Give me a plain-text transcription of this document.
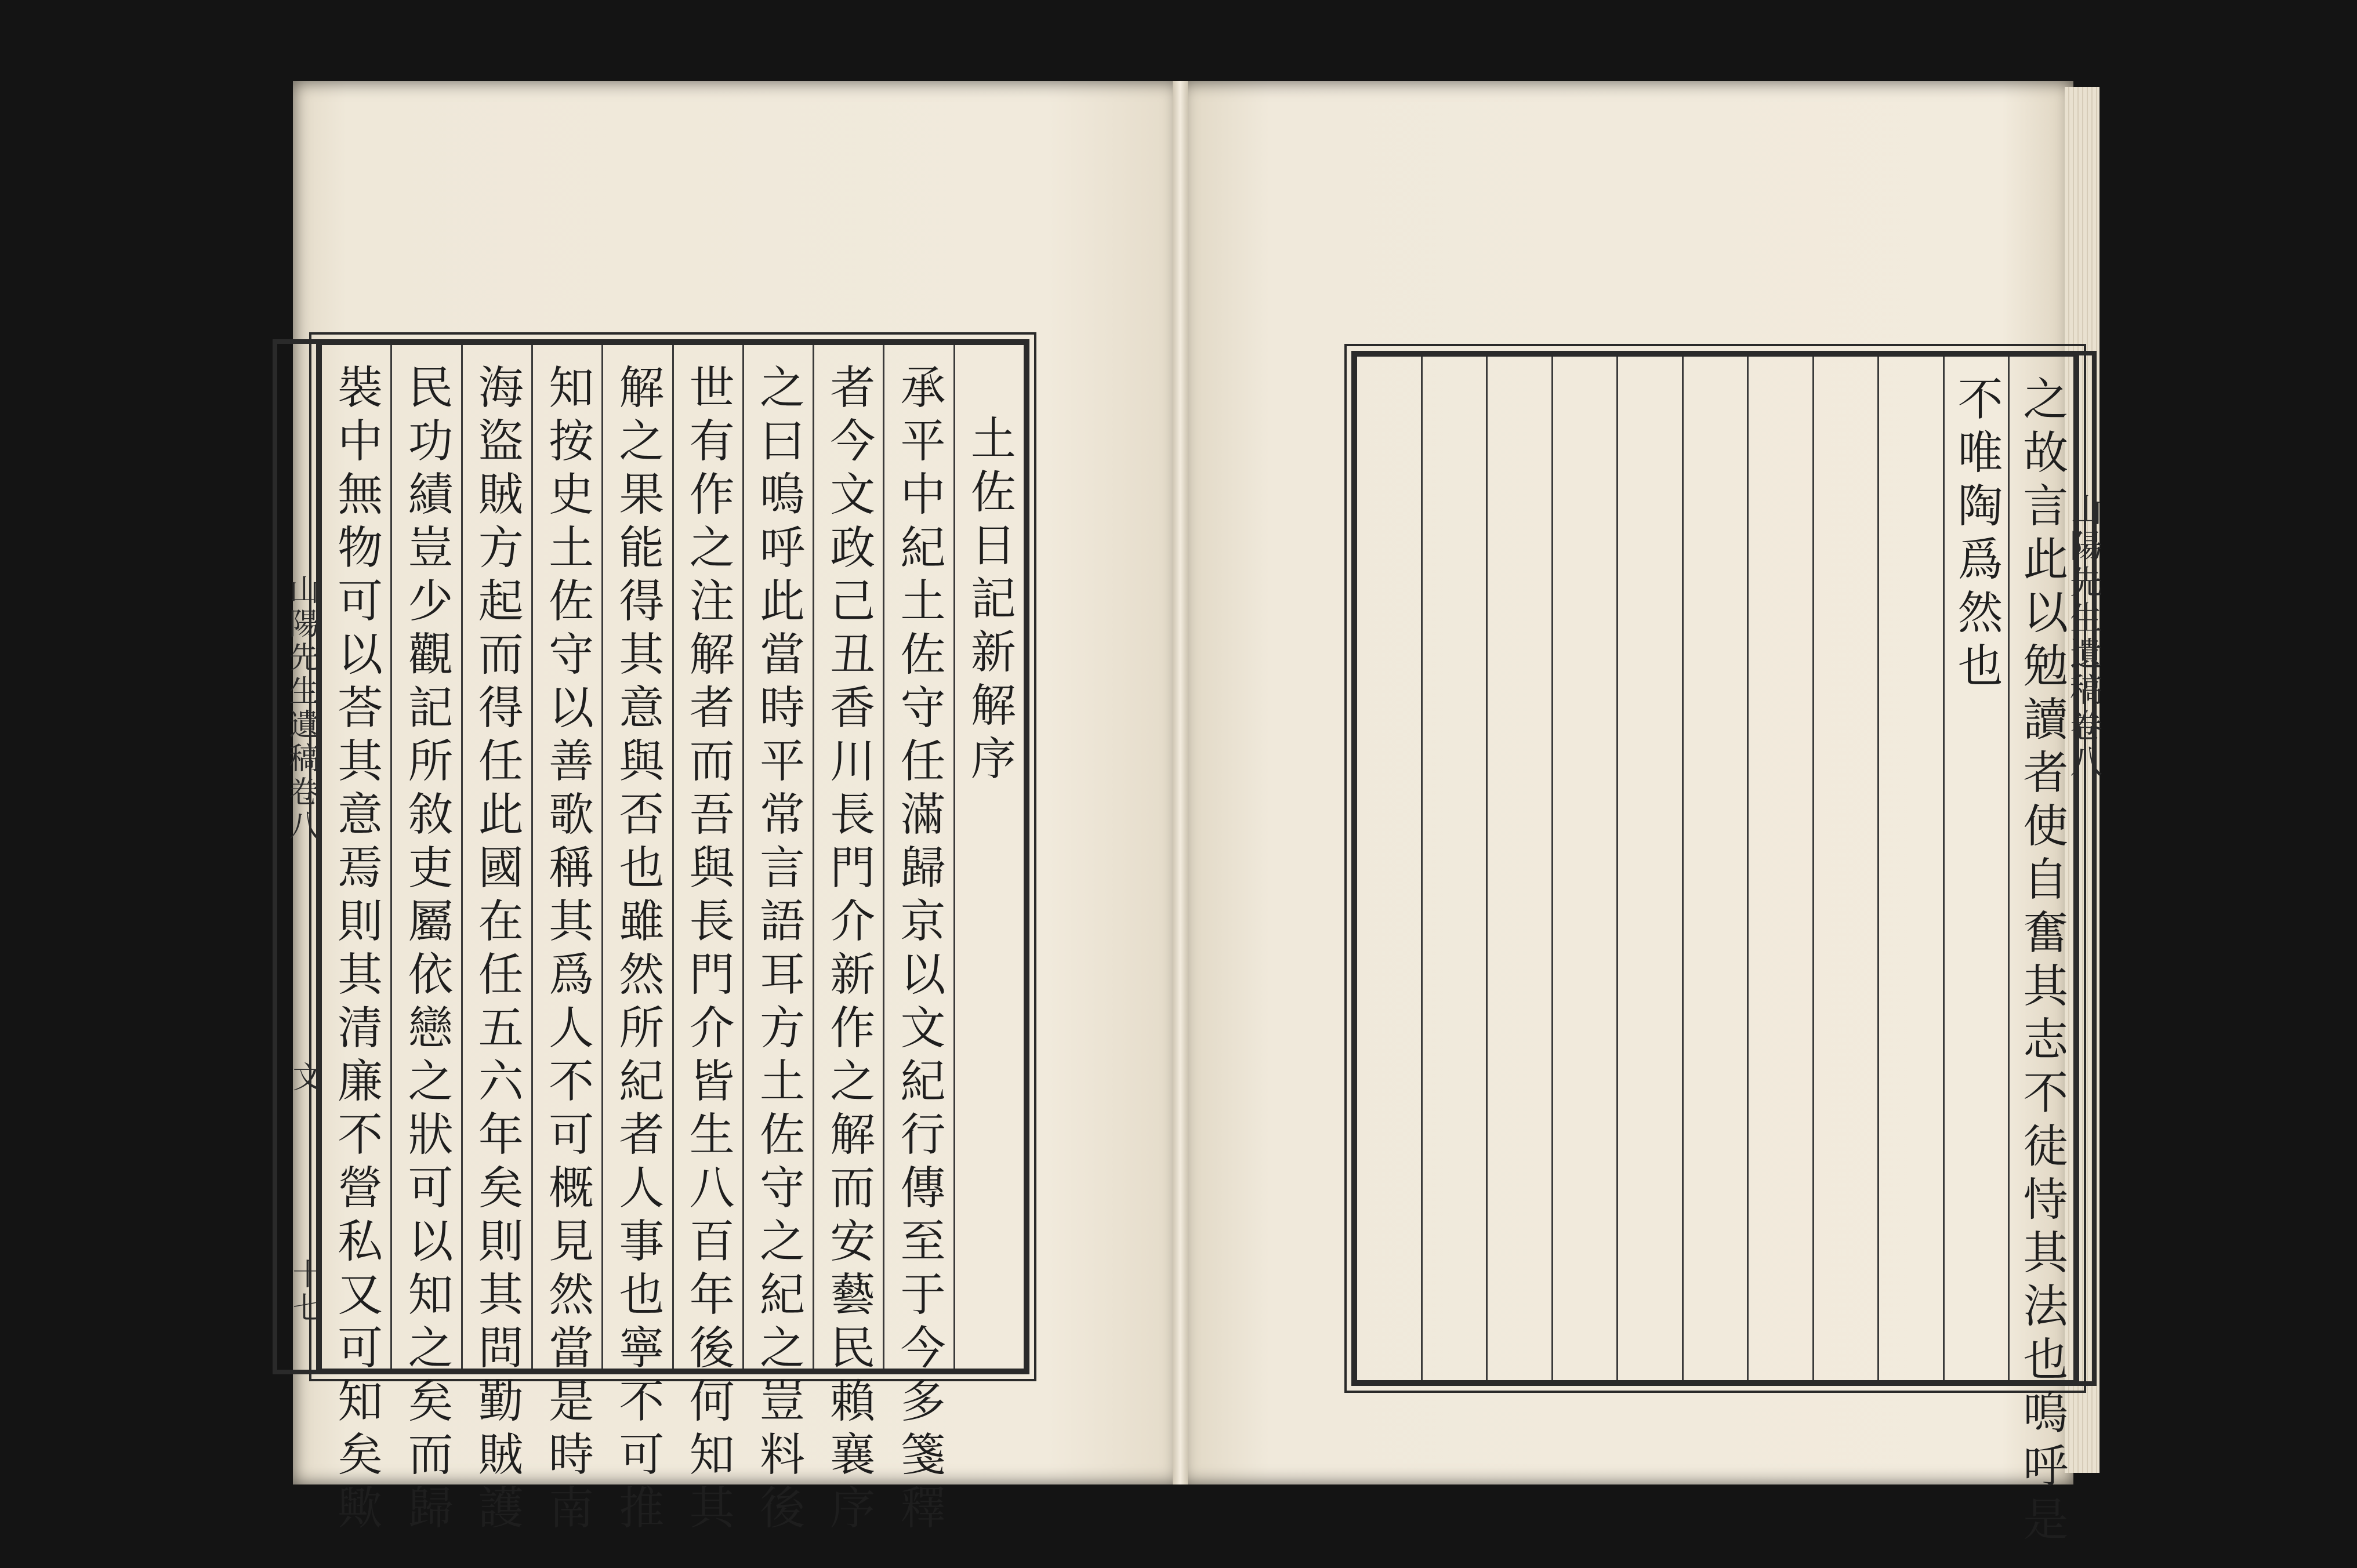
山陽先生遺稿卷八
文
十七
土佐日記新解序
承平中紀土佐守任滿歸京以文紀行傳至于今多箋釋
者今文政己丑香川長門介新作之解而安藝民賴襄序
之曰嗚呼此當時平常言語耳方土佐守之紀之豈料後
世有作之注解者而吾與長門介皆生八百年後何知其
解之果能得其意與否也雖然所紀者人事也寧不可推
知按史土佐守以善歌稱其爲人不可概見然當是時南
海盜賊方起而得任此國在任五六年矣則其問勤賊護
民功績豈少觀記所敘吏屬依戀之狀可以知之矣而歸
裝中無物可以荅其意焉則其清廉不營私又可知矣歟	山陽先生遺稿卷八
之故言此以勉讀者使自奮其志不徒恃其法也嗚呼是
不唯陶爲然也
